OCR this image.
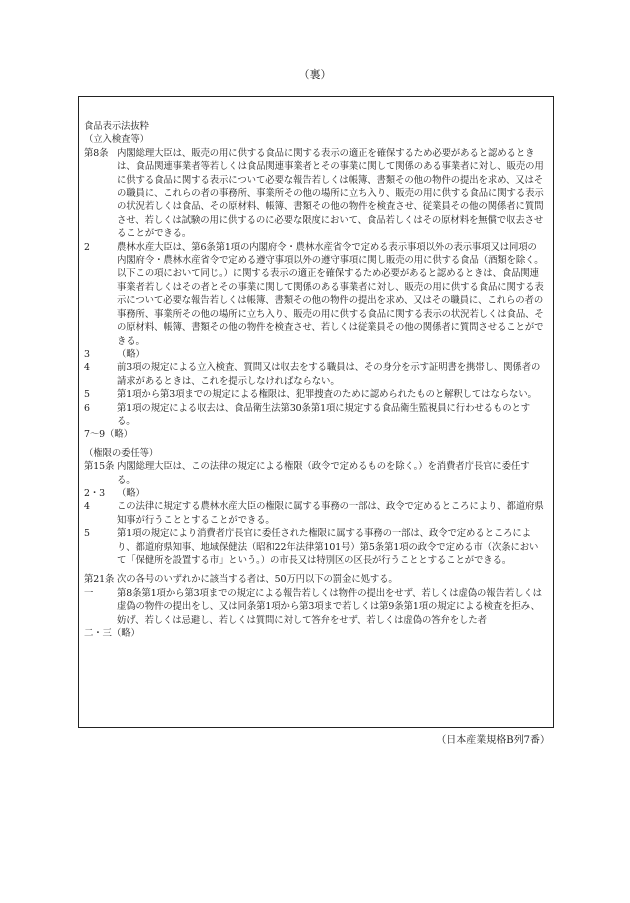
（裏）
食品表示法抜粋
（立入検査等）
第8条 内閣総理大臣は、販売の用に供する食品に関する表示の適正を確保するため必要があると認めるときは、食品関連事業者等若しくは食品関連事業者とその事業に関して関係のある事業者に対し、販売の用に供する食品に関する表示について必要な報告若しくは帳簿、書類その他の物件の提出を求め、又はその職員に、これらの者の事務所、事業所その他の場所に立ち入り、販売の用に供する食品に関する表示の状況若しくは食品、その原材料、帳簿、書類その他の物件を検査させ、従業員その他の関係者に質問させ、若しくは試験の用に供するのに必要な限度において、食品若しくはその原材料を無償で収去させることができる。
2	農林水産大臣は、第6条第1項の内閣府令・農林水産省令で定める表示事項以外の表示事項又は同項の内閣府令・農林水産省令で定める遵守事項以外の遵守事項に関し販売の用に供する食品（酒類を除く。以下この項において同じ。）に関する表示の適正を確保するため必要があると認めるときは、食品関連事業者若しくはその者とその事業に関して関係のある事業者に対し、販売の用に供する食品に関する表示について必要な報告若しくは帳簿、書類その他の物件の提出を求め、又はその職員に、これらの者の事務所、事業所その他の場所に立ち入り、販売の用に供する食品に関する表示の状況若しくは食品、その原材料、帳簿、書類その他の物件を検査させ、若しくは従業員その他の関係者に質問させることができる。
3	（略）
4	前3項の規定による立入検査、質問又は収去をする職員は、その身分を示す証明書を携帯し、関係者の請求があるときは、これを提示しなければならない。
5	第1項から第3項までの規定による権限は、犯罪捜査のために認められたものと解釈してはならない。
6	第1項の規定による収去は、食品衛生法第30条第1項に規定する食品衛生監視員に行わせるものとする。
7〜9 （略）
（権限の委任等）
第15条 内閣総理大臣は、この法律の規定による権限（政令で定めるものを除く。）を消費者庁長官に委任する。
2・3	（略）
4	この法律に規定する農林水産大臣の権限に属する事務の一部は、政令で定めるところにより、都道府県知事が行うこととすることができる。
5	第1項の規定により消費者庁長官に委任された権限に属する事務の一部は、政令で定めるところにより、都道府県知事、地域保健法（昭和22年法律第101号）第5条第1項の政令で定める市（次条において「保健所を設置する市」という。）の市長又は特別区の区長が行うこととすることができる。
第21条 次の各号のいずれかに該当する者は、50万円以下の罰金に処する。
一	第8条第1項から第3項までの規定による報告若しくは物件の提出をせず、若しくは虚偽の報告若しくは虚偽の物件の提出をし、又は同条第1項から第3項まで若しくは第9条第1項の規定による検査を拒み、妨げ、若しくは忌避し、若しくは質問に対して答弁をせず、若しくは虚偽の答弁をした者
二・三 （略）
（日本産業規格B列7番）
